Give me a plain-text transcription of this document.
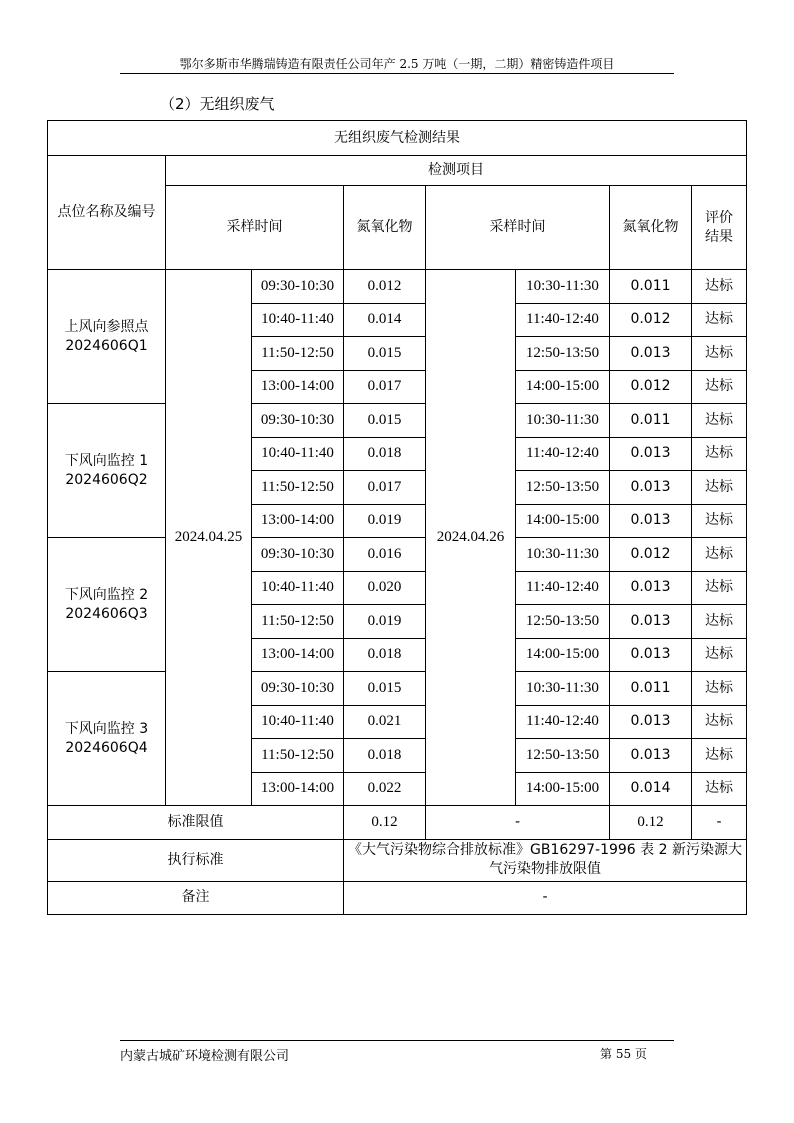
鄂尔多斯市华腾瑞铸造有限责任公司年产 2.5 万吨（一期，二期）精密铸造件项目
（2）无组织废气
无组织废气检测结果							
点位名称及编号	检测项目						
	采样时间		氮氧化物	采样时间		氮氧化物	评价结果

上风向参照点
2024606Q1	2024.04.25	09:30-10:30	0.012	2024.04.26	10:30-11:30	0.011	达标
		10:40-11:40	0.014		11:40-12:40	0.012	达标
		11:50-12:50	0.015		12:50-13:50	0.013	达标
		13:00-14:00	0.017		14:00-15:00	0.012	达标

下风向监控 1
2024606Q2		09:30-10:30	0.015		10:30-11:30	0.011	达标
		10:40-11:40	0.018		11:40-12:40	0.013	达标
		11:50-12:50	0.017		12:50-13:50	0.013	达标
		13:00-14:00	0.019		14:00-15:00	0.013	达标

下风向监控 2
2024606Q3		09:30-10:30	0.016		10:30-11:30	0.012	达标
		10:40-11:40	0.020		11:40-12:40	0.013	达标
		11:50-12:50	0.019		12:50-13:50	0.013	达标
		13:00-14:00	0.018		14:00-15:00	0.013	达标

下风向监控 3
2024606Q4		09:30-10:30	0.015		10:30-11:30	0.011	达标
		10:40-11:40	0.021		11:40-12:40	0.013	达标
		11:50-12:50	0.018		12:50-13:50	0.013	达标
		13:00-14:00	0.022		14:00-15:00	0.014	达标
标准限值			0.12	-		0.12	-
执行标准			《大气污染物综合排放标准》GB16297-1996 表 2 新污染源大气污染物排放限值				
备注			-				
内蒙古城矿环境检测有限公司	第 55 页
